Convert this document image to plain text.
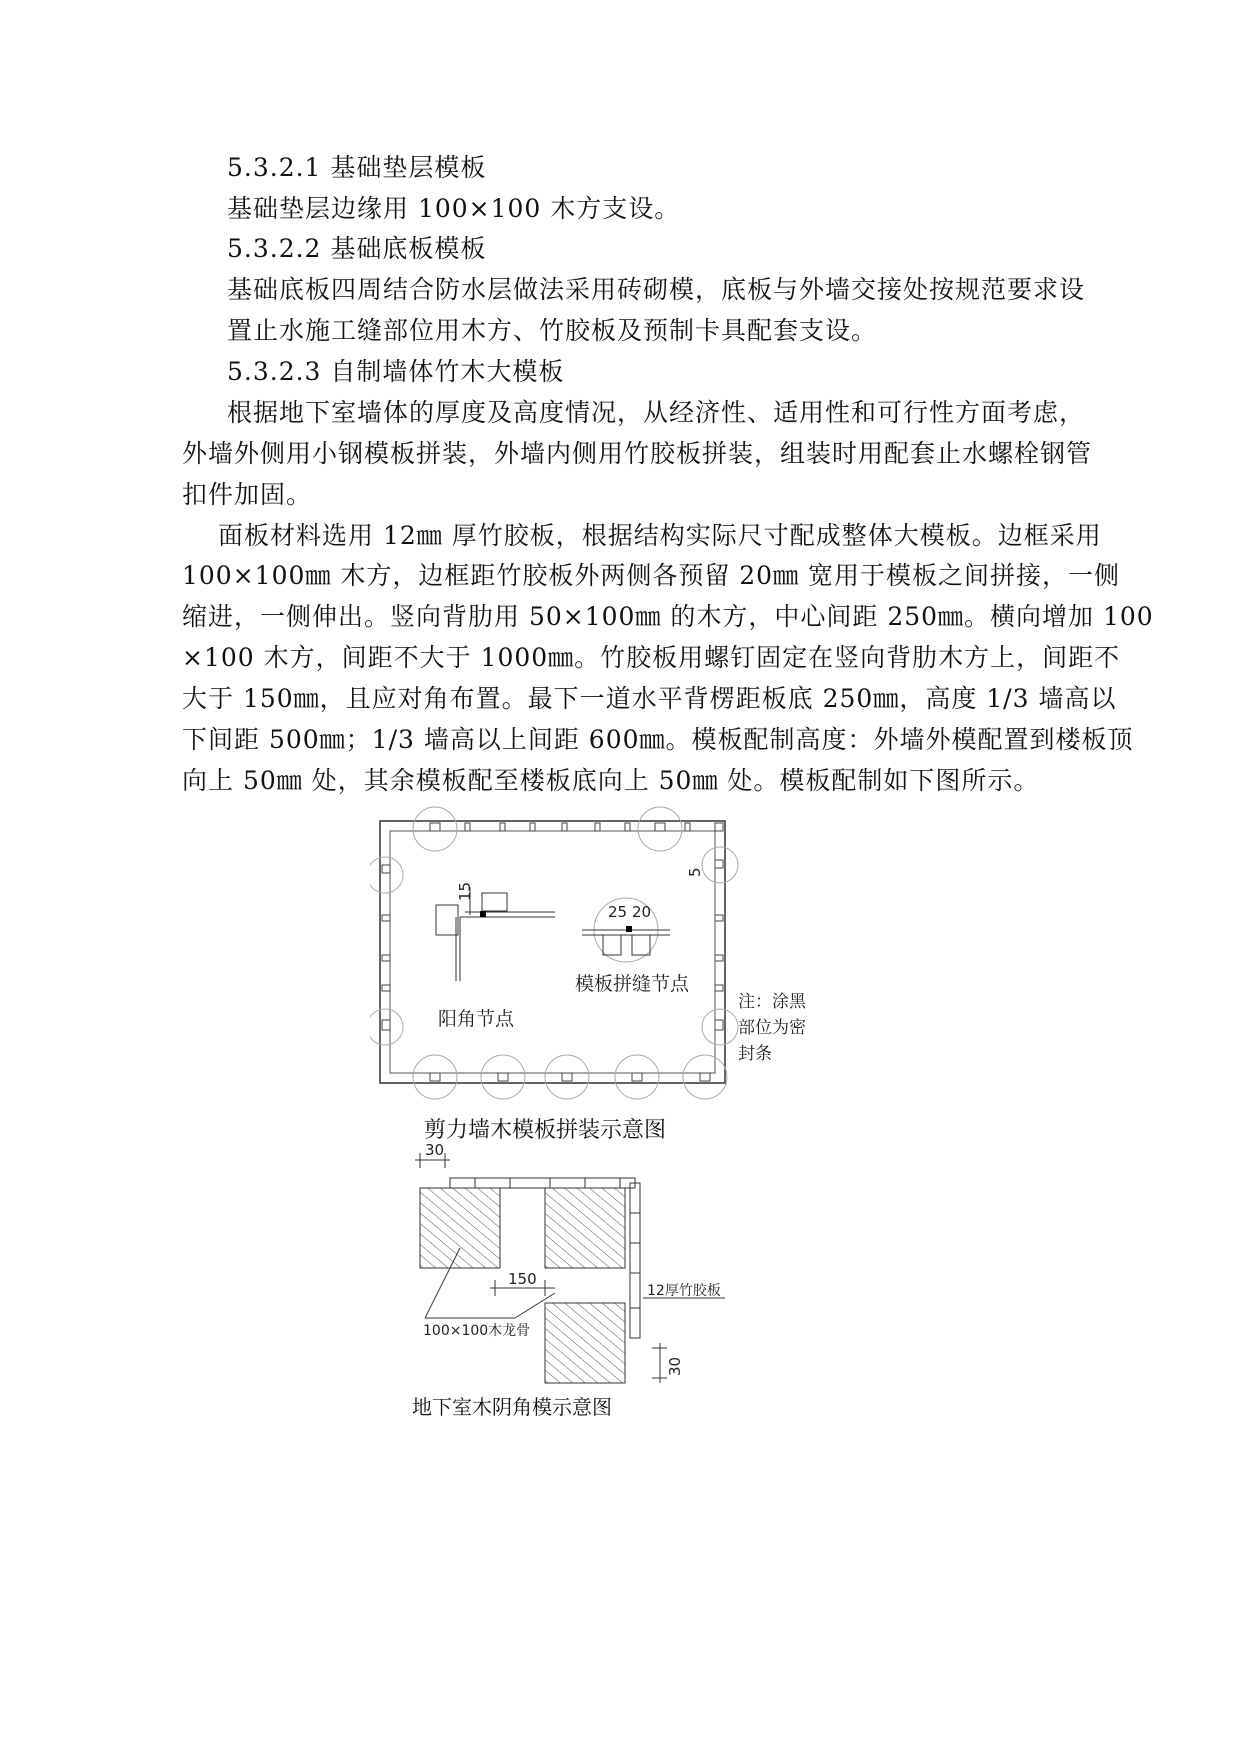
5.3.2.1 基础垫层模板
基础垫层边缘用 100×100 木方支设。
5.3.2.2 基础底板模板
置止水施工缝部位用木方、竹胶板及预制卡具配套支设。
基础底板四周结合防水层做法采用砖砌模，底板与外墙交接处按规范要求设
5.3.2.3 自制墙体竹木大模板
根据地下室墙体的厚度及高度情况，从经济性、适用性和可行性方面考虑，
外墙外侧用小钢模板拼装，外墙内侧用竹胶板拼装，组装时用配套止水螺栓钢管
扣件加固。
面板材料选用 12㎜ 厚竹胶板，根据结构实际尺寸配成整体大模板。边框采用
100×100㎜ 木方，边框距竹胶板外两侧各预留 20㎜ 宽用于模板之间拼接，一侧
缩进，一侧伸出。竖向背肋用 50×100㎜ 的木方，中心间距 250㎜。横向增加 100
×100 木方，间距不大于 1000㎜。竹胶板用螺钉固定在竖向背肋木方上，间距不
大于 150㎜，且应对角布置。最下一道水平背楞距板底 250㎜，高度 1/3 墙高以
下间距 500㎜；1/3 墙高以上间距 600㎜。模板配制高度：外墙外模配置到楼板顶
向上 50㎜ 处，其余模板配至楼板底向上 50㎜ 处。模板配制如下图所示。
15
5
25 20
阳角节点
模板拼缝节点
注：涂黑
部位为密
封条
剪力墙木模板拼装示意图
30
150
100×100木龙骨
12厚竹胶板
30
地下室木阴角模示意图
